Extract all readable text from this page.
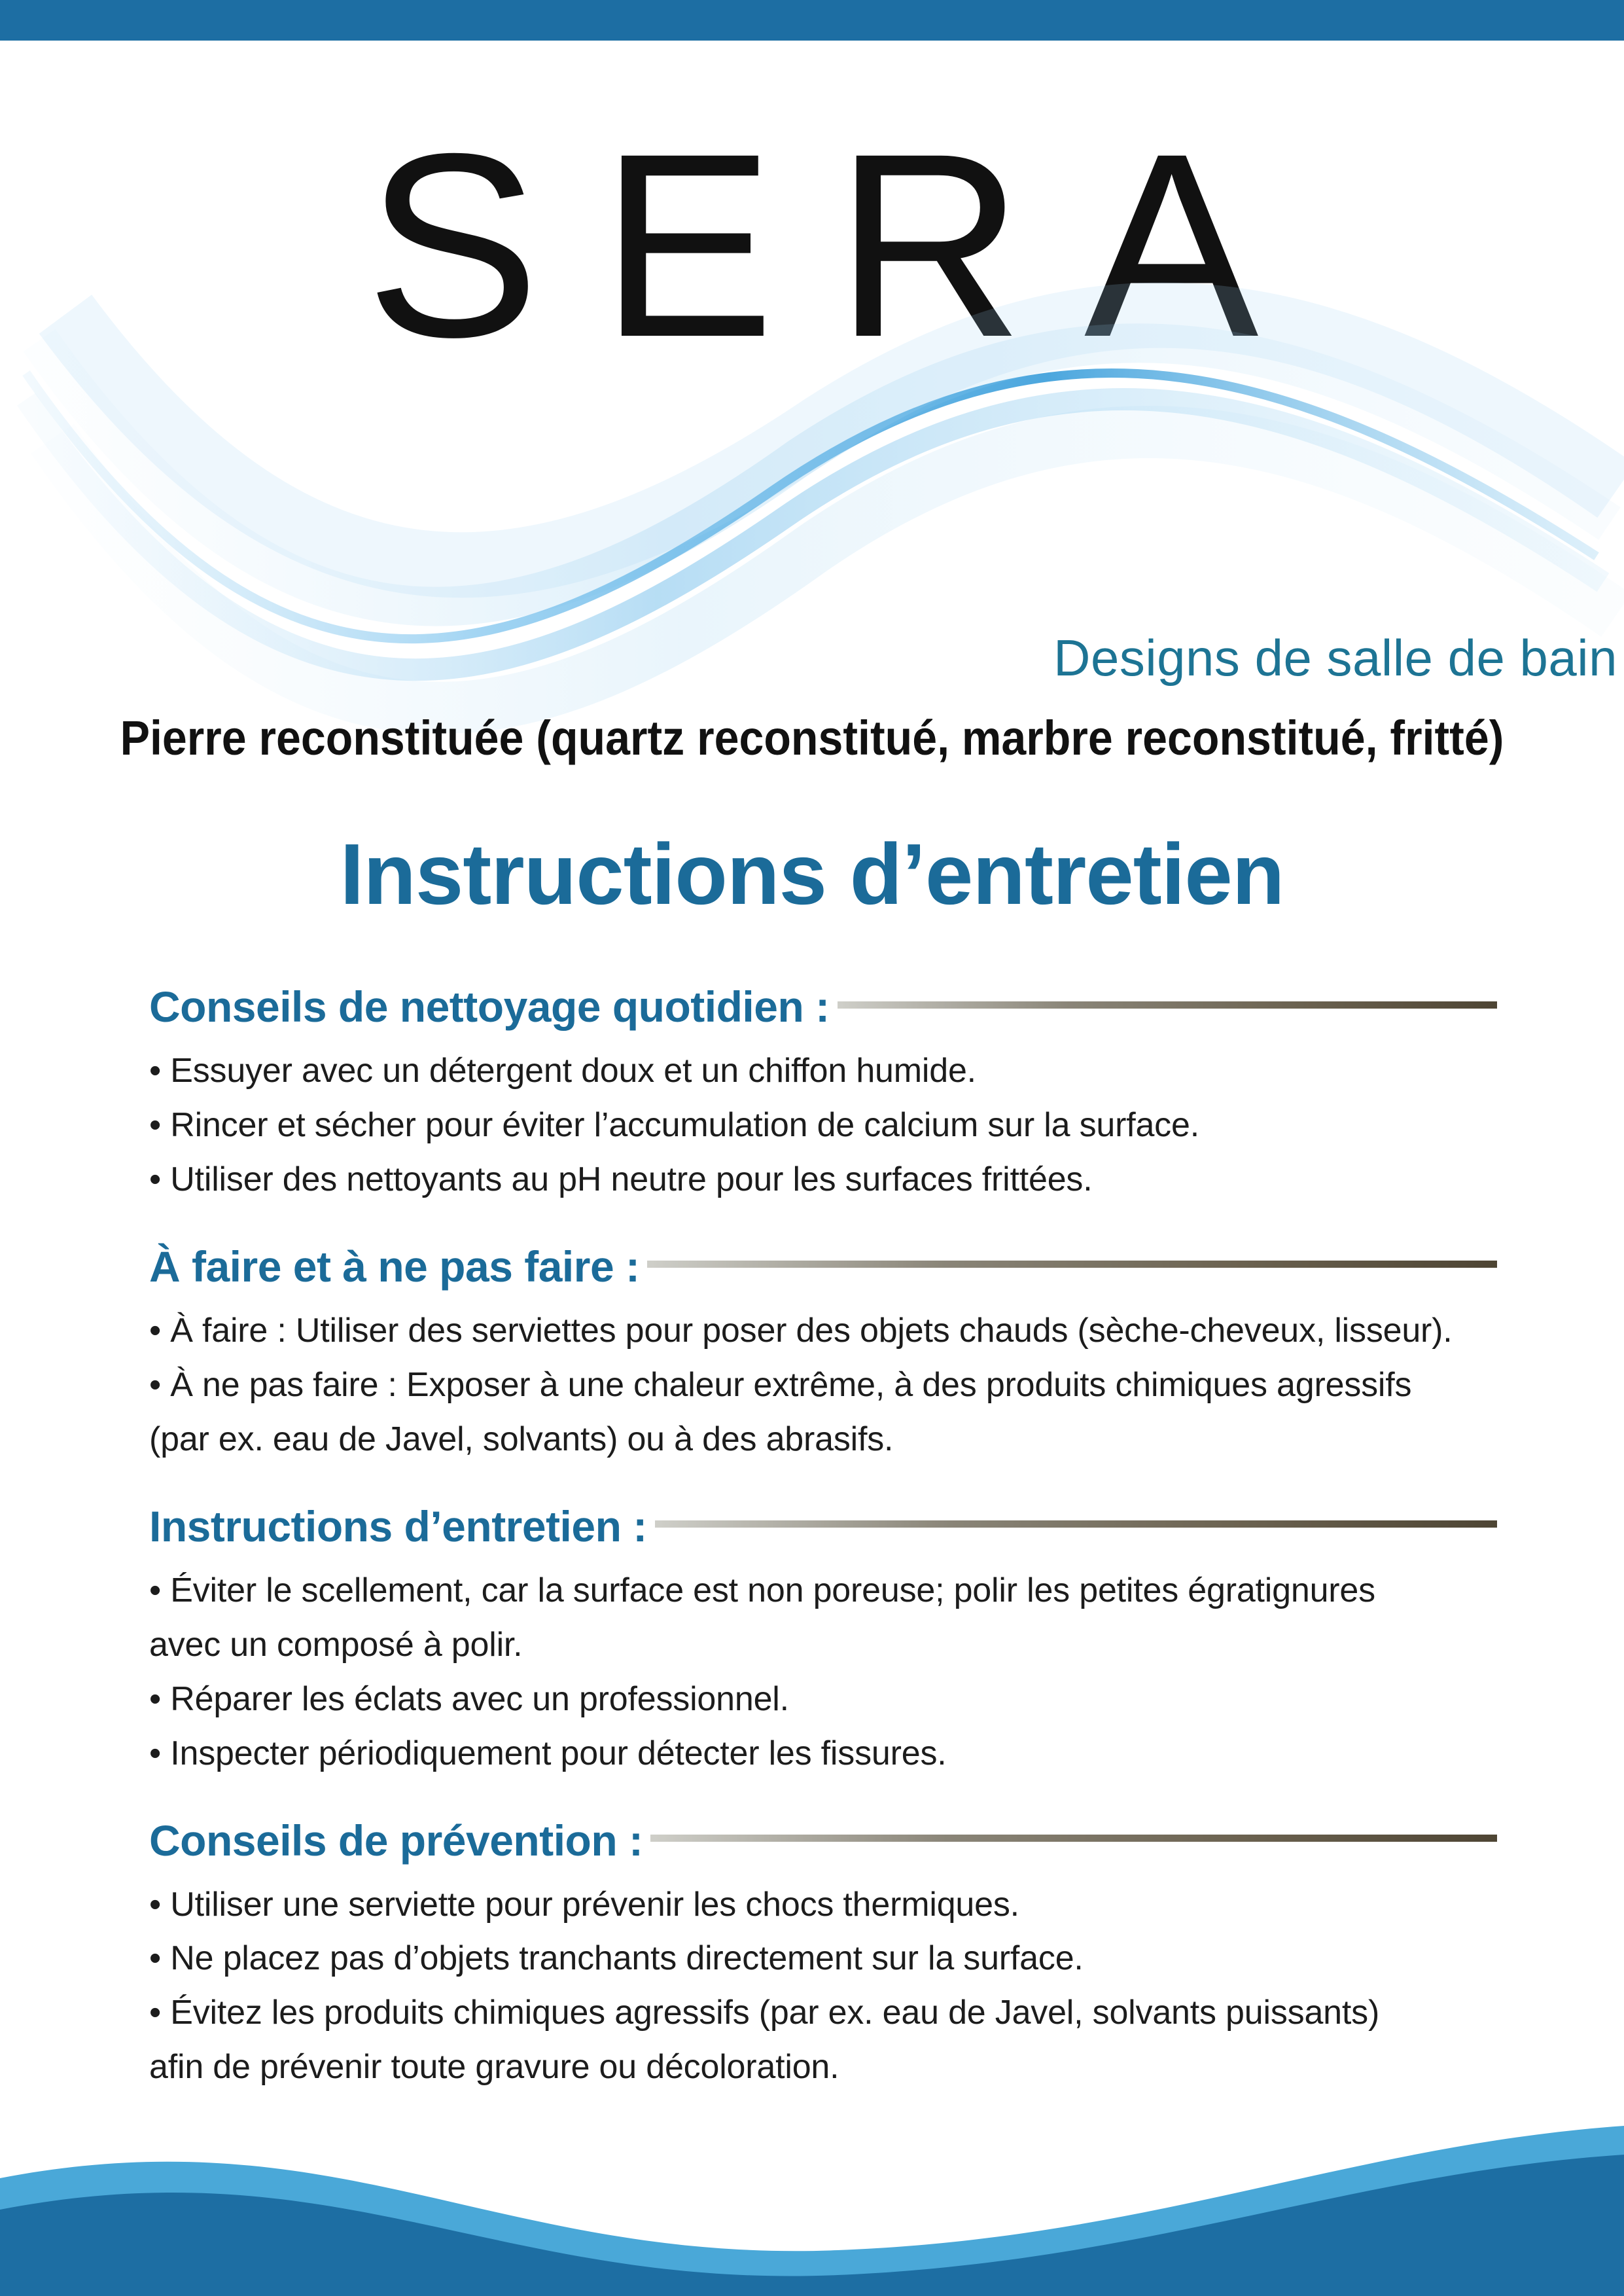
SERA
Designs de salle de bain
Pierre reconstituée (quartz reconstitué, marbre reconstitué, fritté)
Instructions d’entretien
Conseils de nettoyage quotidien :

• Essuyer avec un détergent doux et un chiffon humide.

• Rincer et sécher pour éviter l’accumulation de calcium sur la surface.

• Utiliser des nettoyants au pH neutre pour les surfaces frittées.

À faire et à ne pas faire :

• À faire : Utiliser des serviettes pour poser des objets chauds (sèche-cheveux, lisseur).

• À ne pas faire : Exposer à une chaleur extrême, à des produits chimiques agressifs

(par ex. eau de Javel, solvants) ou à des abrasifs.

Instructions d’entretien :

• Éviter le scellement, car la surface est non poreuse; polir les petites égratignures

avec un composé à polir.

• Réparer les éclats avec un professionnel.

• Inspecter périodiquement pour détecter les fissures.

Conseils de prévention :

• Utiliser une serviette pour prévenir les chocs thermiques.

• Ne placez pas d’objets tranchants directement sur la surface.

• Évitez les produits chimiques agressifs (par ex. eau de Javel, solvants puissants)

afin de prévenir toute gravure ou décoloration.
